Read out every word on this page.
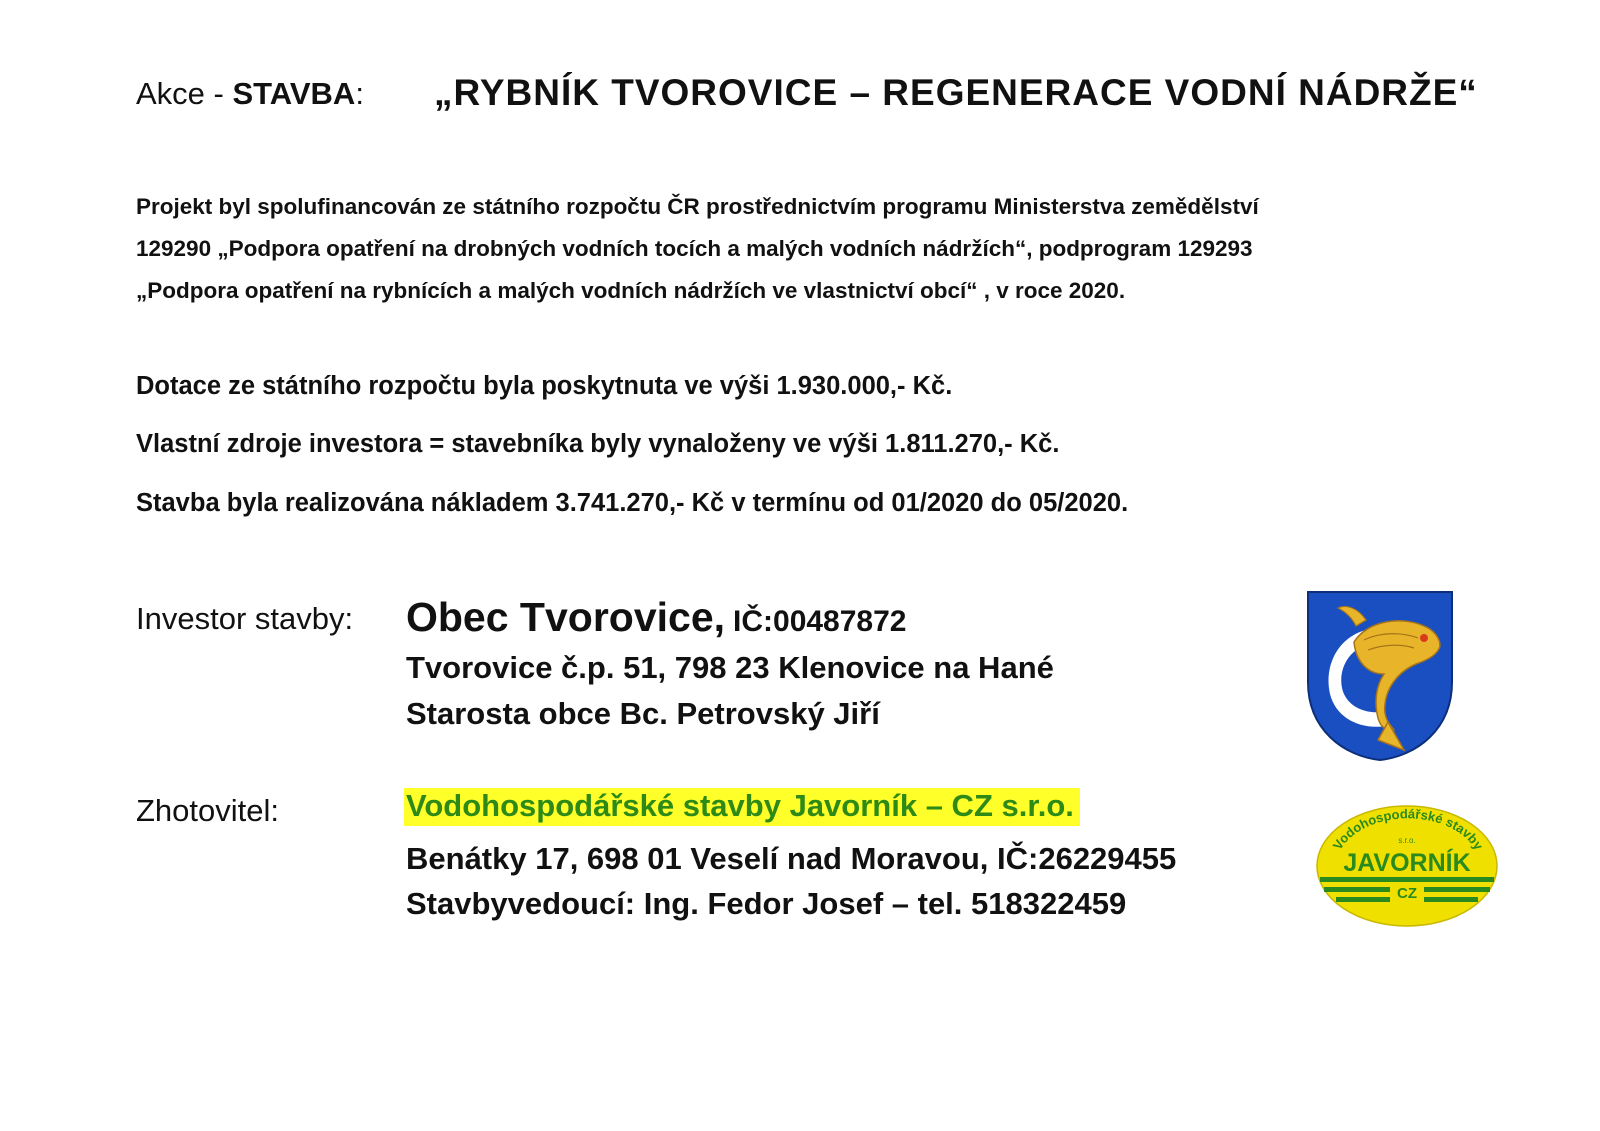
Akce - STAVBA: „RYBNÍK TVOROVICE – REGENERACE VODNÍ NÁDRŽE“
Projekt byl spolufinancován ze státního rozpočtu ČR prostřednictvím programu Ministerstva zemědělství
129290 „Podpora opatření na drobných vodních tocích a malých vodních nádržích“, podprogram 129293
„Podpora opatření na rybnících a malých vodních nádržích ve vlastnictví obcí“ , v roce 2020.
Dotace ze státního rozpočtu byla poskytnuta ve výši 1.930.000,- Kč.
Vlastní zdroje investora = stavebníka byly vynaloženy ve výši 1.811.270,- Kč.
Stavba byla realizována nákladem 3.741.270,- Kč v termínu od 01/2020 do 05/2020.
Investor stavby: Obec Tvorovice, IČ:00487872
Tvorovice č.p. 51, 798 23 Klenovice na Hané
Starosta obce Bc. Petrovský Jiří
Zhotovitel:	Vodohospodářské stavby Javorník – CZ s.r.o.
Benátky 17, 698 01 Veselí nad Moravou, IČ:26229455
Stavbyvedoucí: Ing. Fedor Josef – tel. 518322459
Vodohospodářské stavby
s.r.o.
JAVORNÍK
CZ
